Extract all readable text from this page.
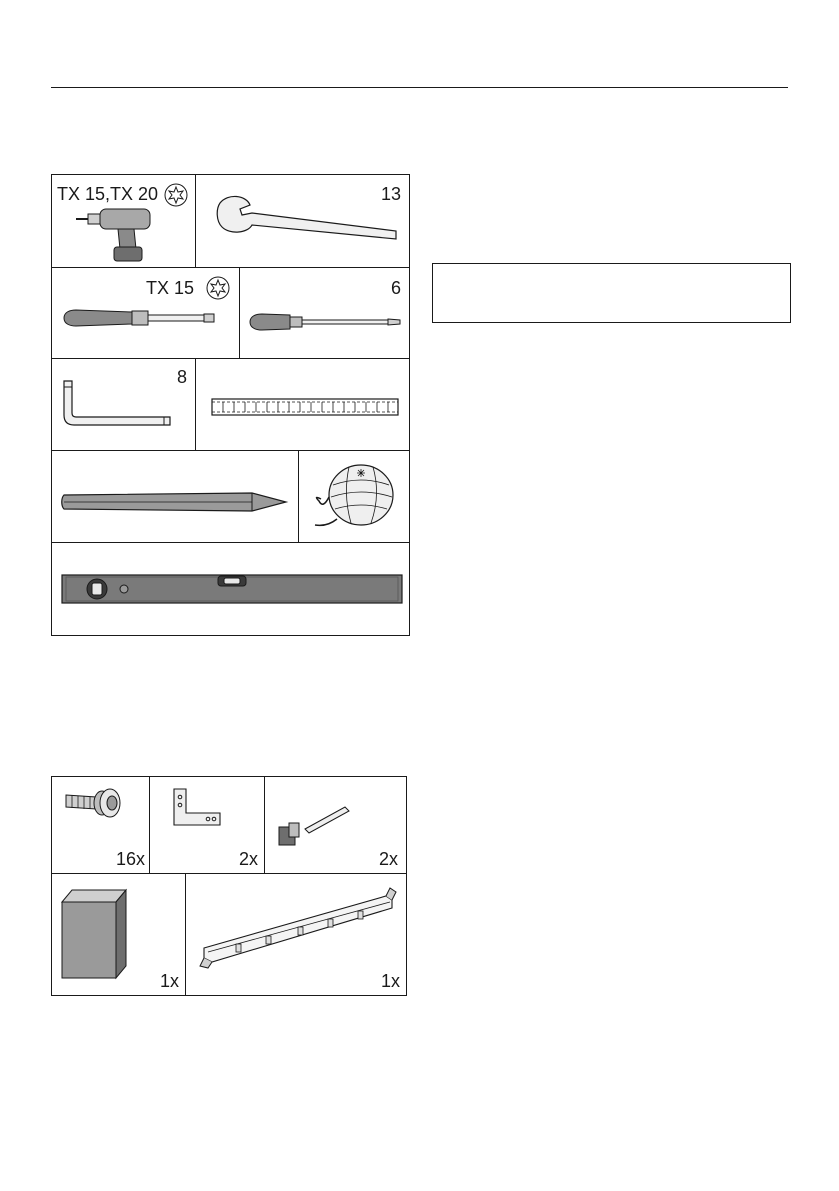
TX 15,TX 20	13
TX 15	6
8
16x	2x	2x
1x	1x
